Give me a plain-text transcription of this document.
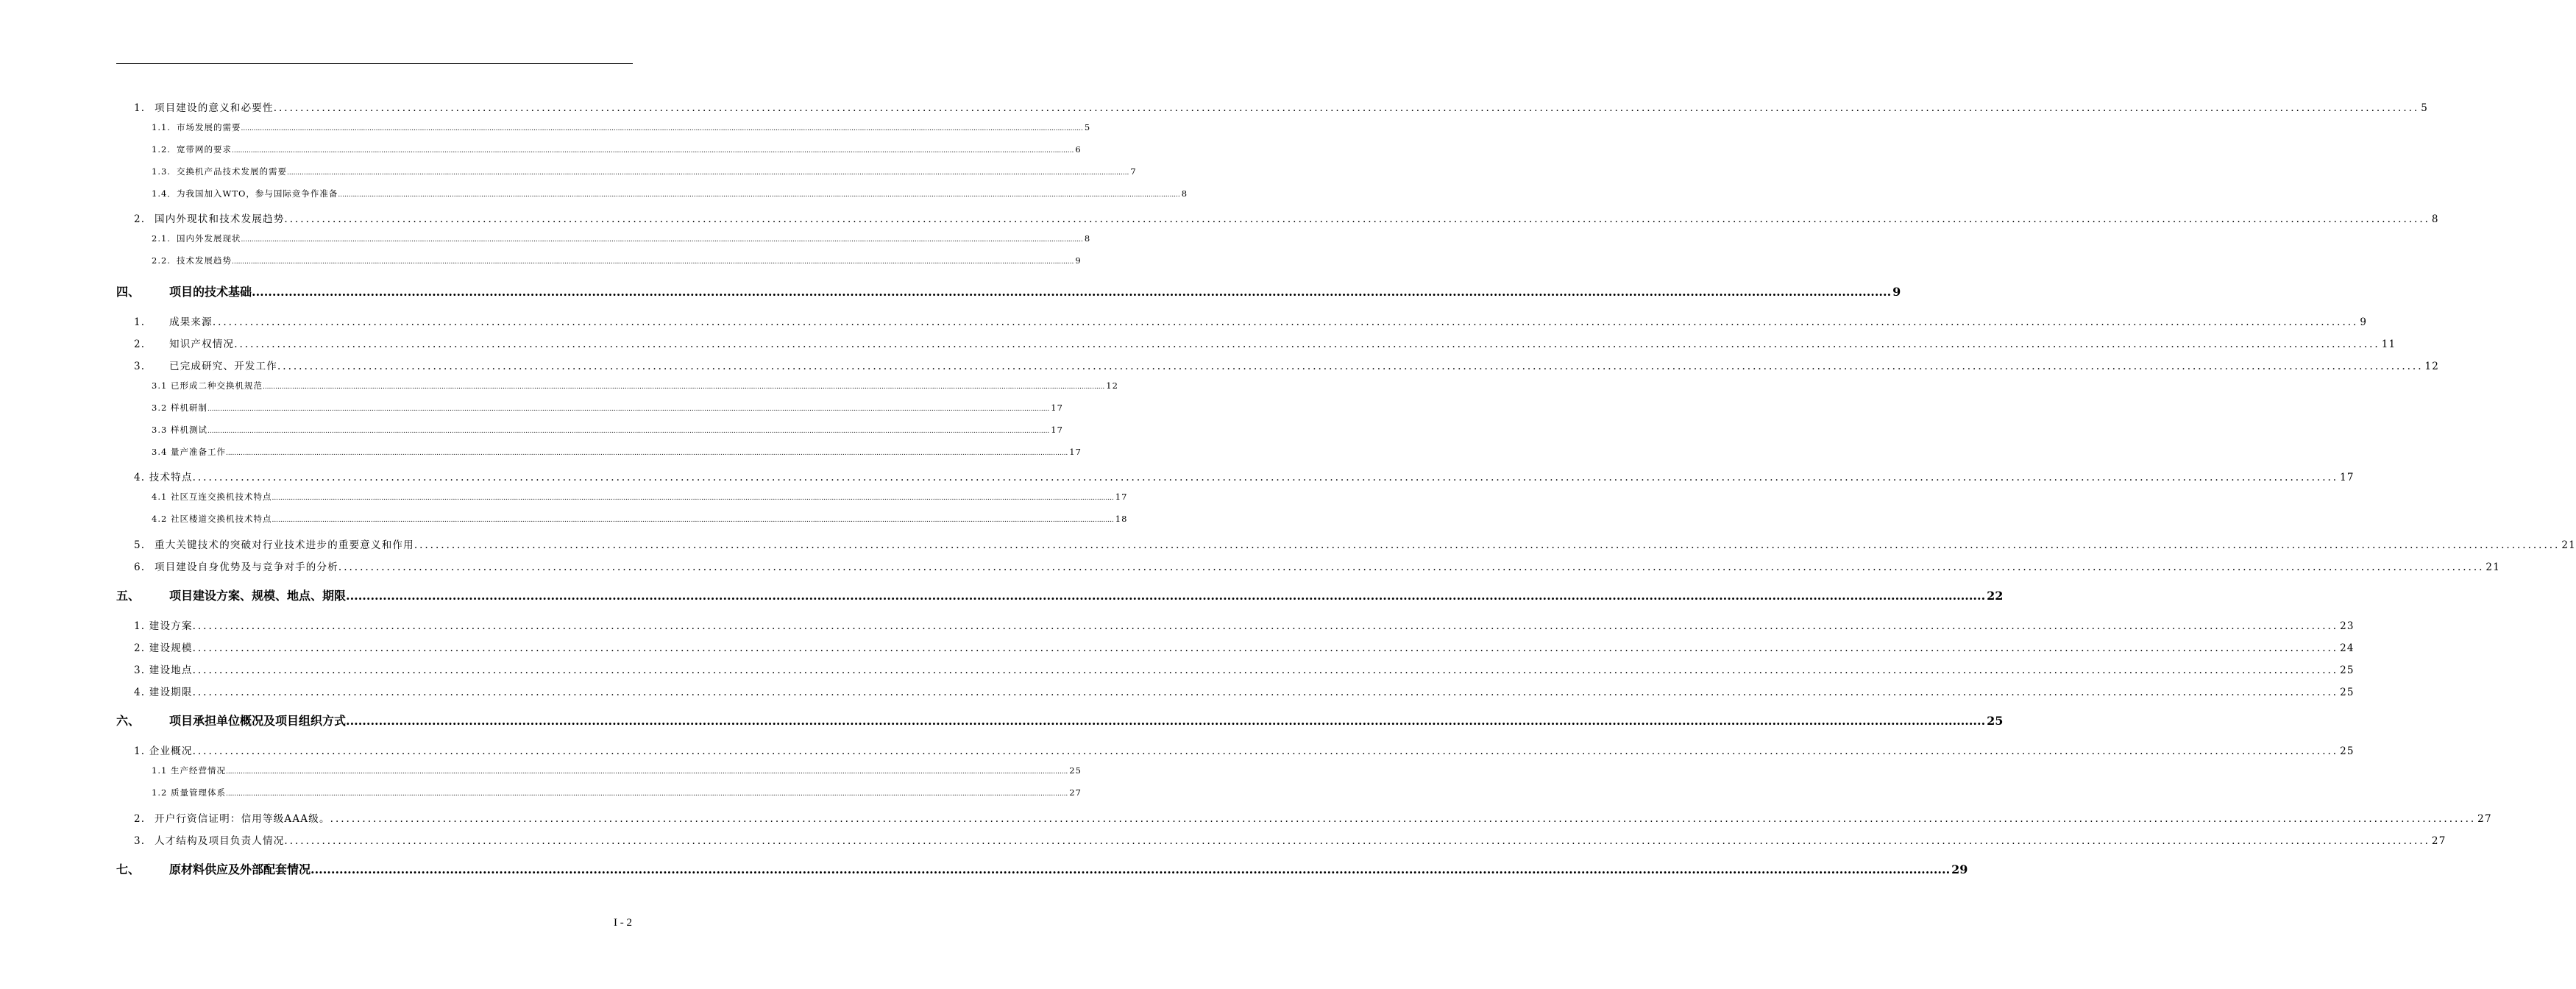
1. 项目建设的意义和必要性 ................................................................................................................................................................................................................................................................................................................................................................................................................ 5
1.1. 市场发展的需要 ................................................................................................................................................................................................................................................................................................................................................................................................................ 5
1.2. 宽带网的要求 ................................................................................................................................................................................................................................................................................................................................................................................................................ 6
1.3. 交换机产品技术发展的需要 ................................................................................................................................................................................................................................................................................................................................................................................................................ 7
1.4．为我国加入WTO，参与国际竞争作准备 ................................................................................................................................................................................................................................................................................................................................................................................................................ 8
2. 国内外现状和技术发展趋势 ................................................................................................................................................................................................................................................................................................................................................................................................................ 8
2.1. 国内外发展现状 ................................................................................................................................................................................................................................................................................................................................................................................................................ 8
2.2. 技术发展趋势 ................................................................................................................................................................................................................................................................................................................................................................................................................ 9
四、 项目的技术基础 ................................................................................................................................................................................................................................................................................................................................................................................................................ 9
1. 成果来源 ................................................................................................................................................................................................................................................................................................................................................................................................................ 9
2. 知识产权情况 ................................................................................................................................................................................................................................................................................................................................................................................................................ 11
3. 已完成研究、开发工作 ................................................................................................................................................................................................................................................................................................................................................................................................................ 12
3.1 已形成二种交换机规范 ................................................................................................................................................................................................................................................................................................................................................................................................................ 12
3.2 样机研制 ................................................................................................................................................................................................................................................................................................................................................................................................................ 17
3.3 样机测试 ................................................................................................................................................................................................................................................................................................................................................................................................................ 17
3.4 量产准备工作 ................................................................................................................................................................................................................................................................................................................................................................................................................ 17
4. 技术特点 ................................................................................................................................................................................................................................................................................................................................................................................................................ 17
4.1 社区互连交换机技术特点 ................................................................................................................................................................................................................................................................................................................................................................................................................ 17
4.2 社区楼道交换机技术特点 ................................................................................................................................................................................................................................................................................................................................................................................................................ 18
5. 重大关键技术的突破对行业技术进步的重要意义和作用 ................................................................................................................................................................................................................................................................................................................................................................................................................ 21
6. 项目建设自身优势及与竞争对手的分析 ................................................................................................................................................................................................................................................................................................................................................................................................................ 21
五、 项目建设方案、规模、地点、期限 ................................................................................................................................................................................................................................................................................................................................................................................................................ 22
1. 建设方案 ................................................................................................................................................................................................................................................................................................................................................................................................................ 23
2. 建设规模 ................................................................................................................................................................................................................................................................................................................................................................................................................ 24
3. 建设地点 ................................................................................................................................................................................................................................................................................................................................................................................................................ 25
4. 建设期限 ................................................................................................................................................................................................................................................................................................................................................................................................................ 25
六、 项目承担单位概况及项目组织方式 ................................................................................................................................................................................................................................................................................................................................................................................................................ 25
1. 企业概况 ................................................................................................................................................................................................................................................................................................................................................................................................................ 25
1.1 生产经营情况 ................................................................................................................................................................................................................................................................................................................................................................................................................ 25
1.2 质量管理体系 ................................................................................................................................................................................................................................................................................................................................................................................................................ 27
2. 开户行资信证明：信用等级AAA级。 ................................................................................................................................................................................................................................................................................................................................................................................................................ 27
3. 人才结构及项目负责人情况 ................................................................................................................................................................................................................................................................................................................................................................................................................ 27
七、 原材料供应及外部配套情况 ................................................................................................................................................................................................................................................................................................................................................................................................................ 29
I - 2
